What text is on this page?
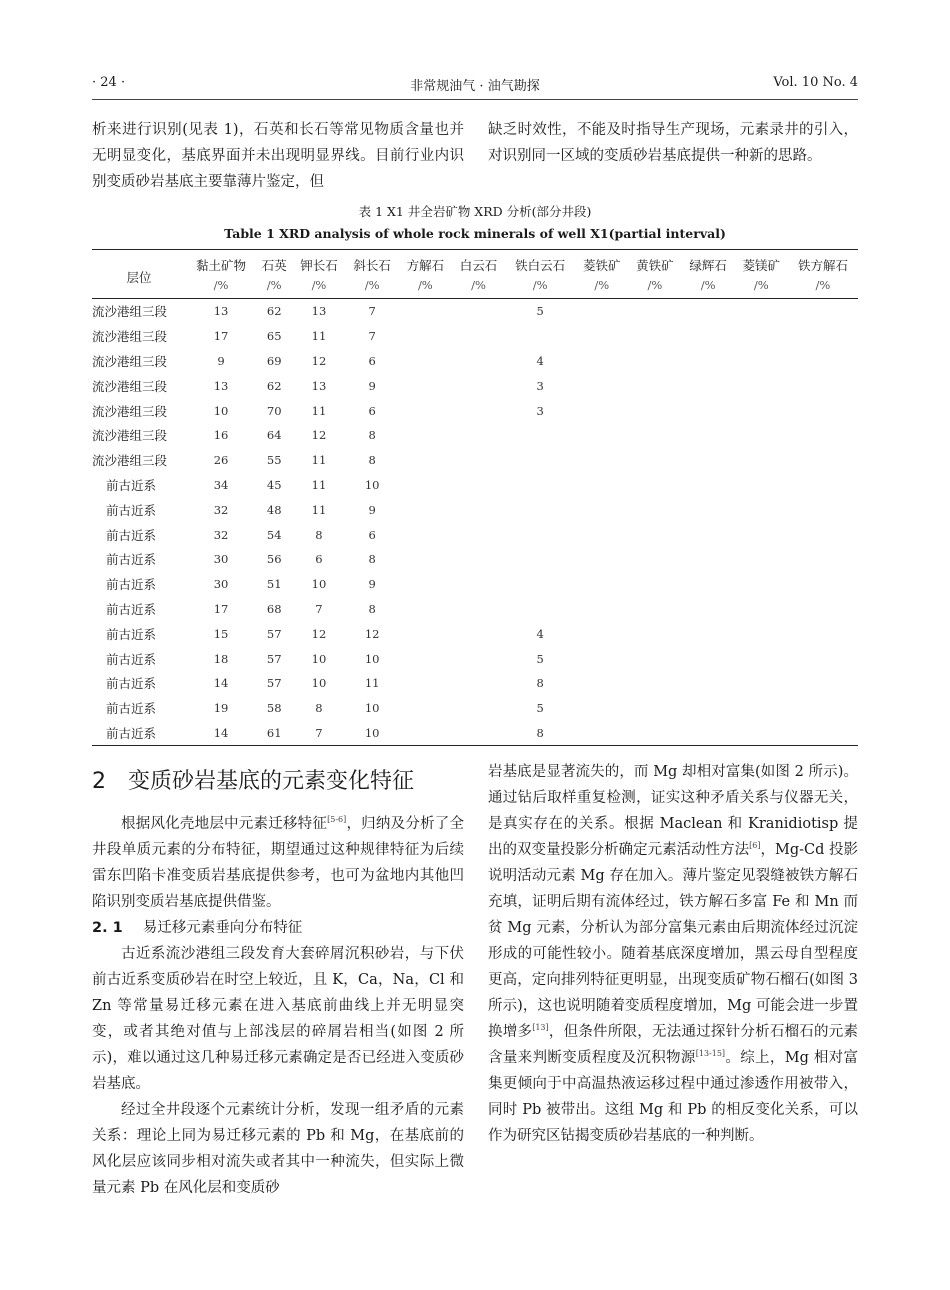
· 24 ·	非常规油气 · 油气勘探	Vol. 10 No. 4

析来进行识别(见表 1)，石英和长石等常见物质含量也并无明显变化，基底界面并未出现明显界线。目前行业内识别变质砂岩基底主要靠薄片鉴定，但

缺乏时效性，不能及时指导生产现场，元素录井的引入，对识别同一区域的变质砂岩基底提供一种新的思路。

表 1 X1 井全岩矿物 XRD 分析(部分井段)
Table 1 XRD analysis of whole rock minerals of well X1(partial interval)
层位	黏土矿物	石英	钾长石	斜长石	方解石	白云石	铁白云石	菱铁矿	黄铁矿	绿辉石	菱镁矿	铁方解石
	/%	/%	/%	/%	/%	/%	/%	/%	/%	/%	/%	/%
流沙港组三段	13	62	13	7			5					
流沙港组三段	17	65	11	7								
流沙港组三段	9	69	12	6			4					
流沙港组三段	13	62	13	9			3					
流沙港组三段	10	70	11	6			3					
流沙港组三段	16	64	12	8								
流沙港组三段	26	55	11	8								
前古近系	34	45	11	10								
前古近系	32	48	11	9								
前古近系	32	54	8	6								
前古近系	30	56	6	8								
前古近系	30	51	10	9								
前古近系	17	68	7	8								
前古近系	15	57	12	12			4					
前古近系	18	57	10	10			5					
前古近系	14	57	10	11			8					
前古近系	19	58	8	10			5					
前古近系	14	61	7	10			8					
2 变质砂岩基底的元素变化特征

根据风化壳地层中元素迁移特征[5-6]，归纳及分析了全井段单质元素的分布特征，期望通过这种规律特征为后续雷东凹陷卡准变质岩基底提供参考，也可为盆地内其他凹陷识别变质岩基底提供借鉴。

2. 1 易迁移元素垂向分布特征

古近系流沙港组三段发育大套碎屑沉积砂岩，与下伏前古近系变质砂岩在时空上较近，且 K，Ca，Na，Cl 和 Zn 等常量易迁移元素在进入基底前曲线上并无明显突变，或者其绝对值与上部浅层的碎屑岩相当(如图 2 所示)，难以通过这几种易迁移元素确定是否已经进入变质砂岩基底。

经过全井段逐个元素统计分析，发现一组矛盾的元素关系：理论上同为易迁移元素的 Pb 和 Mg，在基底前的风化层应该同步相对流失或者其中一种流失，但实际上微量元素 Pb 在风化层和变质砂

岩基底是显著流失的，而 Mg 却相对富集(如图 2 所示)。通过钻后取样重复检测，证实这种矛盾关系与仪器无关，是真实存在的关系。根据 Maclean 和 Kranidiotisp 提出的双变量投影分析确定元素活动性方法[6]，Mg-Cd 投影说明活动元素 Mg 存在加入。薄片鉴定见裂缝被铁方解石充填，证明后期有流体经过，铁方解石多富 Fe 和 Mn 而贫 Mg 元素，分析认为部分富集元素由后期流体经过沉淀形成的可能性较小。随着基底深度增加，黑云母自型程度更高，定向排列特征更明显，出现变质矿物石榴石(如图 3 所示)，这也说明随着变质程度增加，Mg 可能会进一步置换增多[13]，但条件所限，无法通过探针分析石榴石的元素含量来判断变质程度及沉积物源[13-15]。综上，Mg 相对富集更倾向于中高温热液运移过程中通过渗透作用被带入，同时 Pb 被带出。这组 Mg 和 Pb 的相反变化关系，可以作为研究区钻揭变质砂岩基底的一种判断。
